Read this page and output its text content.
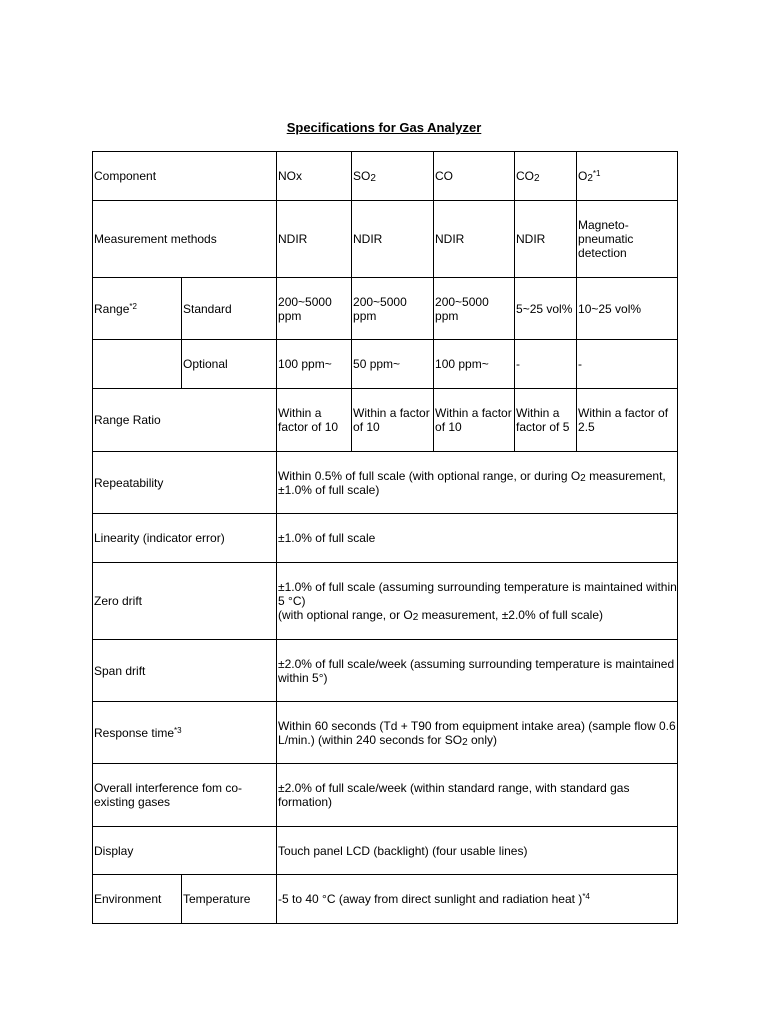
Specifications for Gas Analyzer
Component		NOx	$SO_2$	CO	$CO_2$	$O_2^{*1}$
Measurement methods		NDIR	NDIR	NDIR	NDIR	Magneto-pneumatic detection
Range$^{*2}$	Standard	200~5000 ppm	200~5000 ppm	200~5000 ppm	5~25 vol%	10~25 vol%
	Optional	100 ppm~	50 ppm~	100 ppm~	-	-
Range Ratio		Within a factor of 10	Within a factor of 10	Within a factor of 10	Within a factor of 5	Within a factor of 2.5
Repeatability		Within 0.5% of full scale (with optional range, or during $O_2$ measurement, ±1.0% of full scale)				
Linearity (indicator error)		±1.0% of full scale				
Zero drift		±1.0% of full scale (assuming surrounding temperature is maintained within 5 °C)
(with optional range, or $O_2$ measurement, ±2.0% of full scale)				

Span drift		±2.0% of full scale/week (assuming surrounding temperature is maintained within 5°)				
Response time$^{*3}$		Within 60 seconds (Td + T90 from equipment intake area) (sample flow 0.6 L/min.) (within 240 seconds for $SO_2$ only)				
Overall interference fom co-existing gases		±2.0% of full scale/week (within standard range, with standard gas formation)				
Display		Touch panel LCD (backlight) (four usable lines)				
Environment	Temperature	-5 to 40 °C (away from direct sunlight and radiation heat )$^{*4}$
